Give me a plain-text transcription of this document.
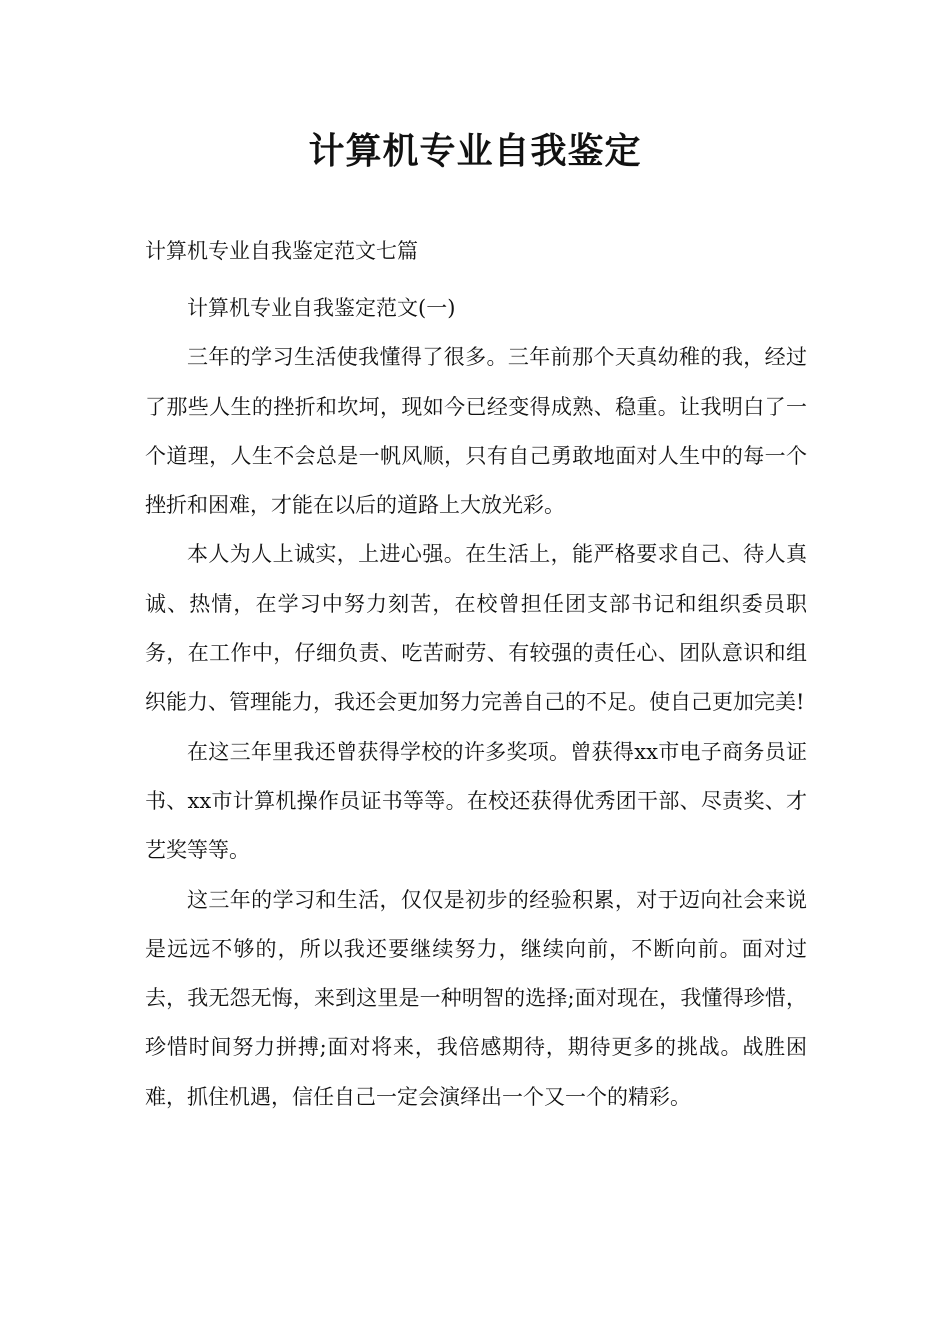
计算机专业自我鉴定

计算机专业自我鉴定范文七篇

计算机专业自我鉴定范文(一)

三年的学习生活使我懂得了很多。三年前那个天真幼稚的我，经过了那些人生的挫折和坎坷，现如今已经变得成熟、稳重。让我明白了一个道理，人生不会总是一帆风顺，只有自己勇敢地面对人生中的每一个挫折和困难，才能在以后的道路上大放光彩。

本人为人上诚实，上进心强。在生活上，能严格要求自己、待人真诚、热情，在学习中努力刻苦，在校曾担任团支部书记和组织委员职务，在工作中，仔细负责、吃苦耐劳、有较强的责任心、团队意识和组织能力、管理能力，我还会更加努力完善自己的不足。使自己更加完美!

在这三年里我还曾获得学校的许多奖项。曾获得xx市电子商务员证书、xx市计算机操作员证书等等。在校还获得优秀团干部、尽责奖、才艺奖等等。

这三年的学习和生活，仅仅是初步的经验积累，对于迈向社会来说是远远不够的，所以我还要继续努力，继续向前，不断向前。面对过去，我无怨无悔，来到这里是一种明智的选择;面对现在，我懂得珍惜，珍惜时间努力拼搏;面对将来，我倍感期待，期待更多的挑战。战胜困难，抓住机遇，信任自己一定会演绎出一个又一个的精彩。
